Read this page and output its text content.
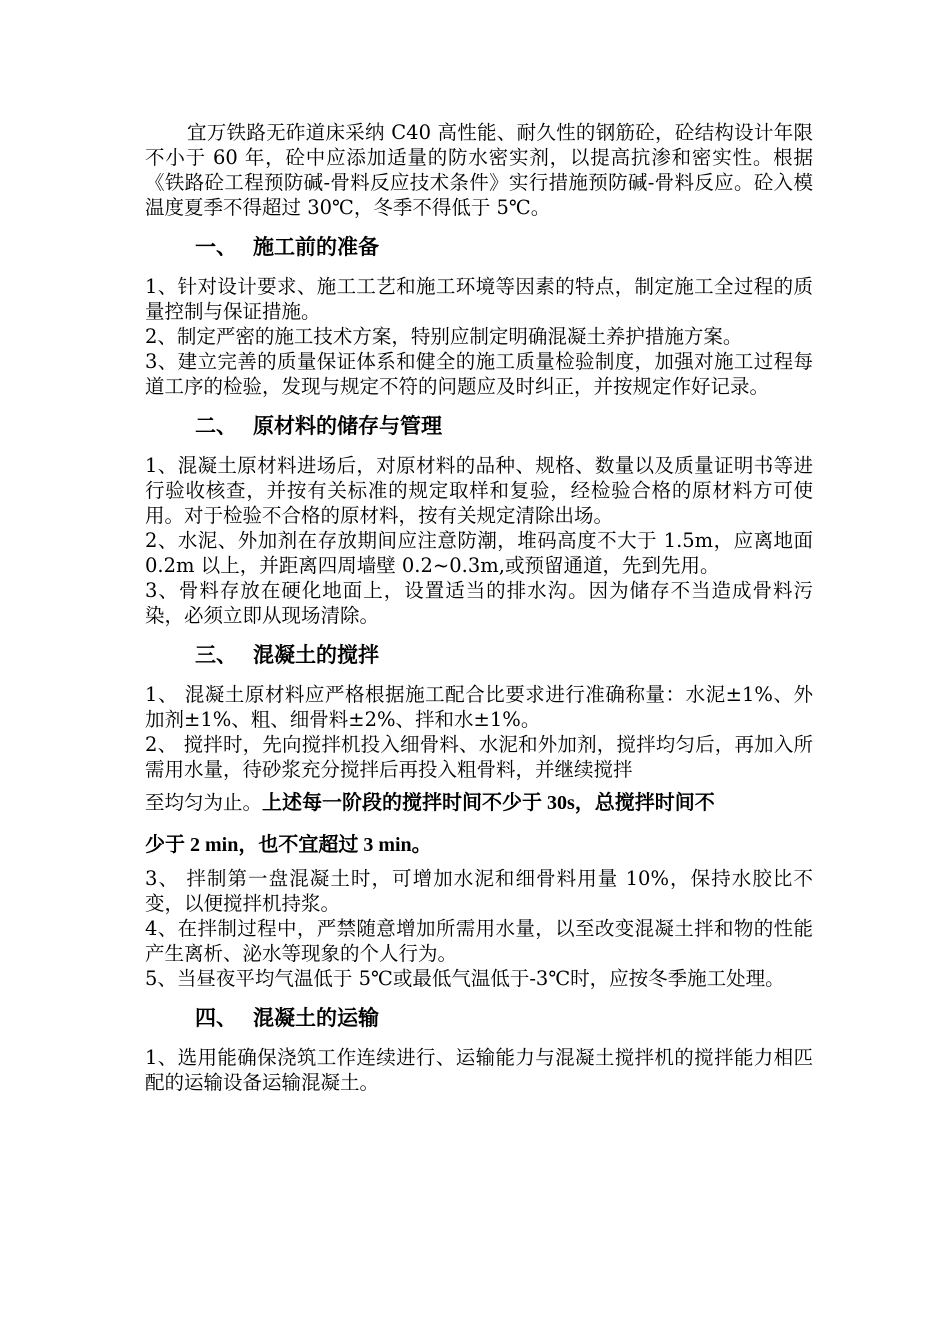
宜万铁路无砟道床采纳 C40 高性能、耐久性的钢筋砼，砼结构设计年限不小于 60 年，砼中应添加适量的防水密实剂，以提高抗渗和密实性。根据《铁路砼工程预防碱-骨料反应技术条件》实行措施预防碱-骨料反应。砼入模温度夏季不得超过 30℃，冬季不得低于 5℃。

一、 施工前的准备

1、针对设计要求、施工工艺和施工环境等因素的特点，制定施工全过程的质量控制与保证措施。

2、制定严密的施工技术方案，特别应制定明确混凝土养护措施方案。

3、建立完善的质量保证体系和健全的施工质量检验制度，加强对施工过程每道工序的检验，发现与规定不符的问题应及时纠正，并按规定作好记录。

二、 原材料的储存与管理

1、混凝土原材料进场后，对原材料的品种、规格、数量以及质量证明书等进行验收核查，并按有关标准的规定取样和复验，经检验合格的原材料方可使用。对于检验不合格的原材料，按有关规定清除出场。

2、水泥、外加剂在存放期间应注意防潮，堆码高度不大于 1.5m，应离地面 0.2m 以上，并距离四周墙壁 0.2~0.3m,或预留通道，先到先用。

3、骨料存放在硬化地面上，设置适当的排水沟。因为储存不当造成骨料污染，必须立即从现场清除。

三、 混凝土的搅拌

1、 混凝土原材料应严格根据施工配合比要求进行准确称量：水泥±1%、外加剂±1%、粗、细骨料±2%、拌和水±1%。

2、 搅拌时，先向搅拌机投入细骨料、水泥和外加剂，搅拌均匀后，再加入所需用水量，待砂浆充分搅拌后再投入粗骨料，并继续搅拌

至均匀为止。上述每一阶段的搅拌时间不少于 30s，总搅拌时间不

少于 2 min，也不宜超过 3 min。

3、 拌制第一盘混凝土时，可增加水泥和细骨料用量 10%，保持水胶比不变，以便搅拌机持浆。

4、在拌制过程中，严禁随意增加所需用水量，以至改变混凝土拌和物的性能产生离析、泌水等现象的个人行为。

5、当昼夜平均气温低于 5℃或最低气温低于-3℃时，应按冬季施工处理。

四、 混凝土的运输

1、选用能确保浇筑工作连续进行、运输能力与混凝土搅拌机的搅拌能力相匹配的运输设备运输混凝土。
